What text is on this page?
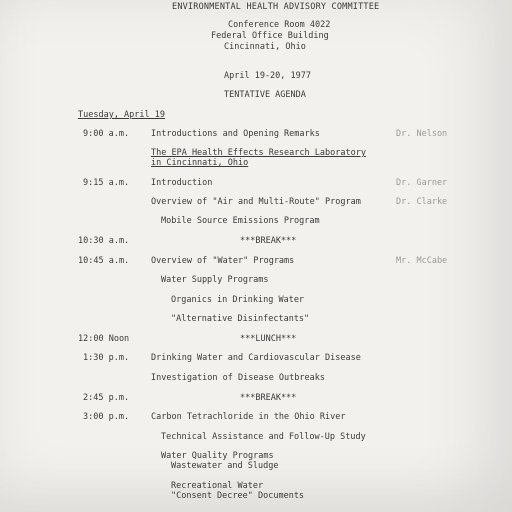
ENVIRONMENTAL HEALTH ADVISORY COMMITTEE
Conference Room 4022
Federal Office Building
Cincinnati, Ohio
April 19-20, 1977
TENTATIVE AGENDA
Tuesday, April 19
9:00 a.m.	Introductions and Opening Remarks	Dr. Nelson
The EPA Health Effects Research Laboratory
in Cincinnati, Ohio
9:15 a.m.	Introduction	Dr. Garner
Overview of "Air and Multi-Route" Program	Dr. Clarke
Mobile Source Emissions Program
10:30 a.m.	***BREAK***
10:45 a.m.	Overview of "Water" Programs	Mr. McCabe
Water Supply Programs
Organics in Drinking Water
"Alternative Disinfectants"
12:00 Noon	***LUNCH***
1:30 p.m.	Drinking Water and Cardiovascular Disease
Investigation of Disease Outbreaks
2:45 p.m.	***BREAK***
3:00 p.m.	Carbon Tetrachloride in the Ohio River
Technical Assistance and Follow-Up Study
Water Quality Programs
Wastewater and Sludge
Recreational Water
"Consent Decree" Documents
